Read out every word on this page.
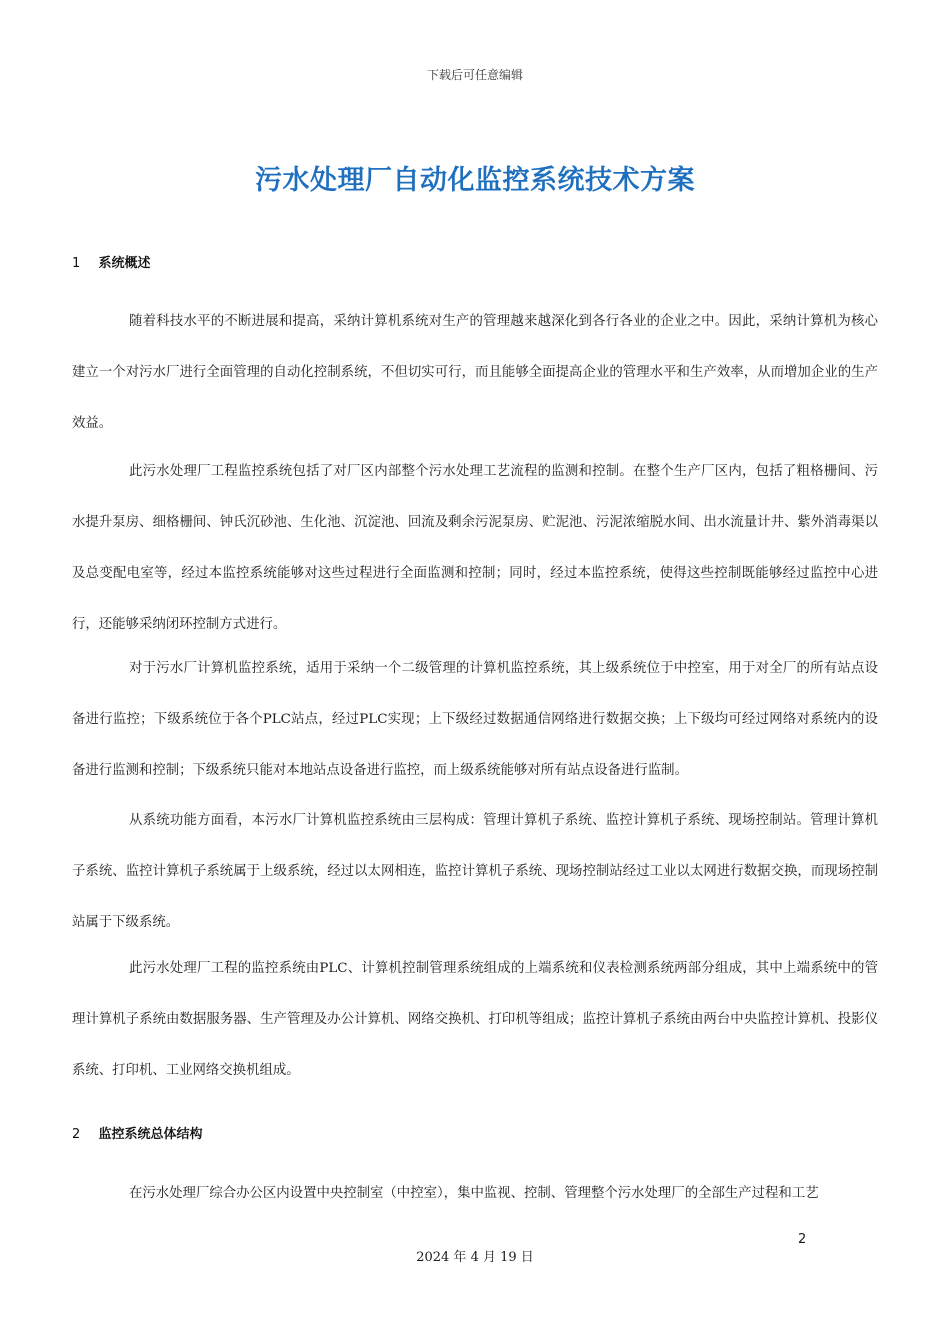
下载后可任意编辑
污水处理厂自动化监控系统技术方案
1 系统概述

随着科技水平的不断进展和提高，采纳计算机系统对生产的管理越来越深化到各行各业的企业之中。因此，采纳计算机为核心建立一个对污水厂进行全面管理的自动化控制系统，不但切实可行，而且能够全面提高企业的管理水平和生产效率，从而增加企业的生产效益。

此污水处理厂工程监控系统包括了对厂区内部整个污水处理工艺流程的监测和控制。在整个生产厂区内，包括了粗格栅间、污水提升泵房、细格栅间、钟氏沉砂池、生化池、沉淀池、回流及剩余污泥泵房、贮泥池、污泥浓缩脱水间、出水流量计井、紫外消毒渠以及总变配电室等，经过本监控系统能够对这些过程进行全面监测和控制；同时，经过本监控系统，使得这些控制既能够经过监控中心进行，还能够采纳闭环控制方式进行。

对于污水厂计算机监控系统，适用于采纳一个二级管理的计算机监控系统，其上级系统位于中控室，用于对全厂的所有站点设备进行监控；下级系统位于各个PLC站点，经过PLC实现；上下级经过数据通信网络进行数据交换；上下级均可经过网络对系统内的设备进行监测和控制；下级系统只能对本地站点设备进行监控，而上级系统能够对所有站点设备进行监制。

从系统功能方面看，本污水厂计算机监控系统由三层构成：管理计算机子系统、监控计算机子系统、现场控制站。管理计算机子系统、监控计算机子系统属于上级系统，经过以太网相连，监控计算机子系统、现场控制站经过工业以太网进行数据交换，而现场控制站属于下级系统。

此污水处理厂工程的监控系统由PLC、计算机控制管理系统组成的上端系统和仪表检测系统两部分组成，其中上端系统中的管理计算机子系统由数据服务器、生产管理及办公计算机、网络交换机、打印机等组成；监控计算机子系统由两台中央监控计算机、投影仪系统、打印机、工业网络交换机组成。

2 监控系统总体结构

在污水处理厂综合办公区内设置中央控制室（中控室），集中监视、控制、管理整个污水处理厂的全部生产过程和工艺

2
2024 年 4 月 19 日
